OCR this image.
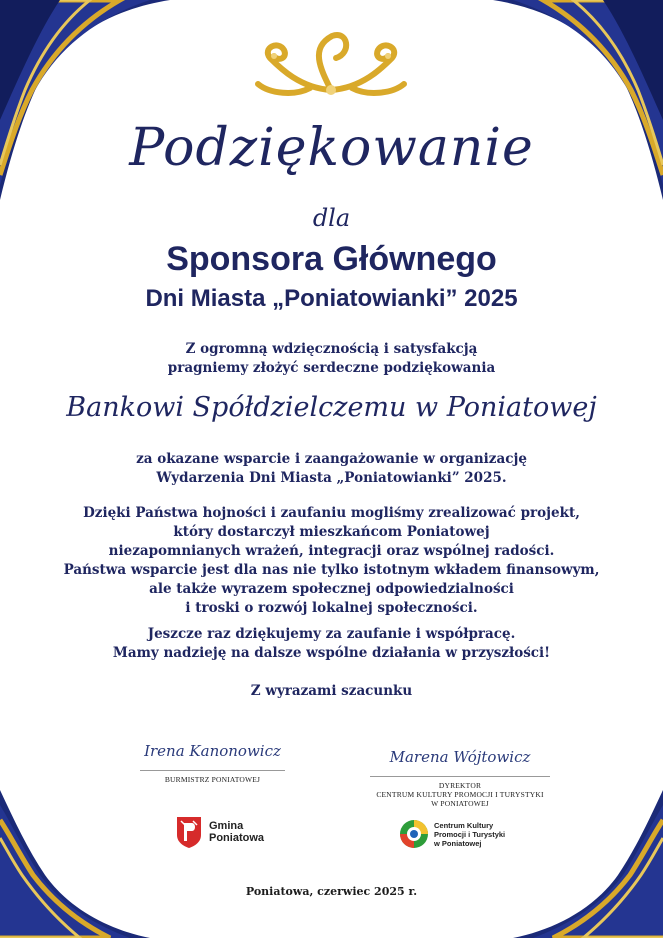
Podziękowanie
dla
Sponsora Głównego
Dni Miasta „Poniatowianki” 2025
Z ogromną wdzięcznością i satysfakcją
pragniemy złożyć serdeczne podziękowania
Bankowi Spółdzielczemu w Poniatowej
za okazane wsparcie i zaangażowanie w organizację
Wydarzenia Dni Miasta „Poniatowianki” 2025.
Dzięki Państwa hojności i zaufaniu mogliśmy zrealizować projekt,
który dostarczył mieszkańcom Poniatowej
niezapomnianych wrażeń, integracji oraz wspólnej radości.
Państwa wsparcie jest dla nas nie tylko istotnym wkładem finansowym,
ale także wyrazem społecznej odpowiedzialności
i troski o rozwój lokalnej społeczności.
Jeszcze raz dziękujemy za zaufanie i współpracę.
Mamy nadzieję na dalsze wspólne działania w przyszłości!
Z wyrazami szacunku
Irena Kanonowicz
BURMISTRZ PONIATOWEJ
Marena Wójtowicz
DYREKTOR
CENTRUM KULTURY PROMOCJI I TURYSTYKI
W PONIATOWEJ
Gmina
Poniatowa
Centrum Kultury
Promocji i Turystyki
w Poniatowej
Poniatowa, czerwiec 2025 r.
